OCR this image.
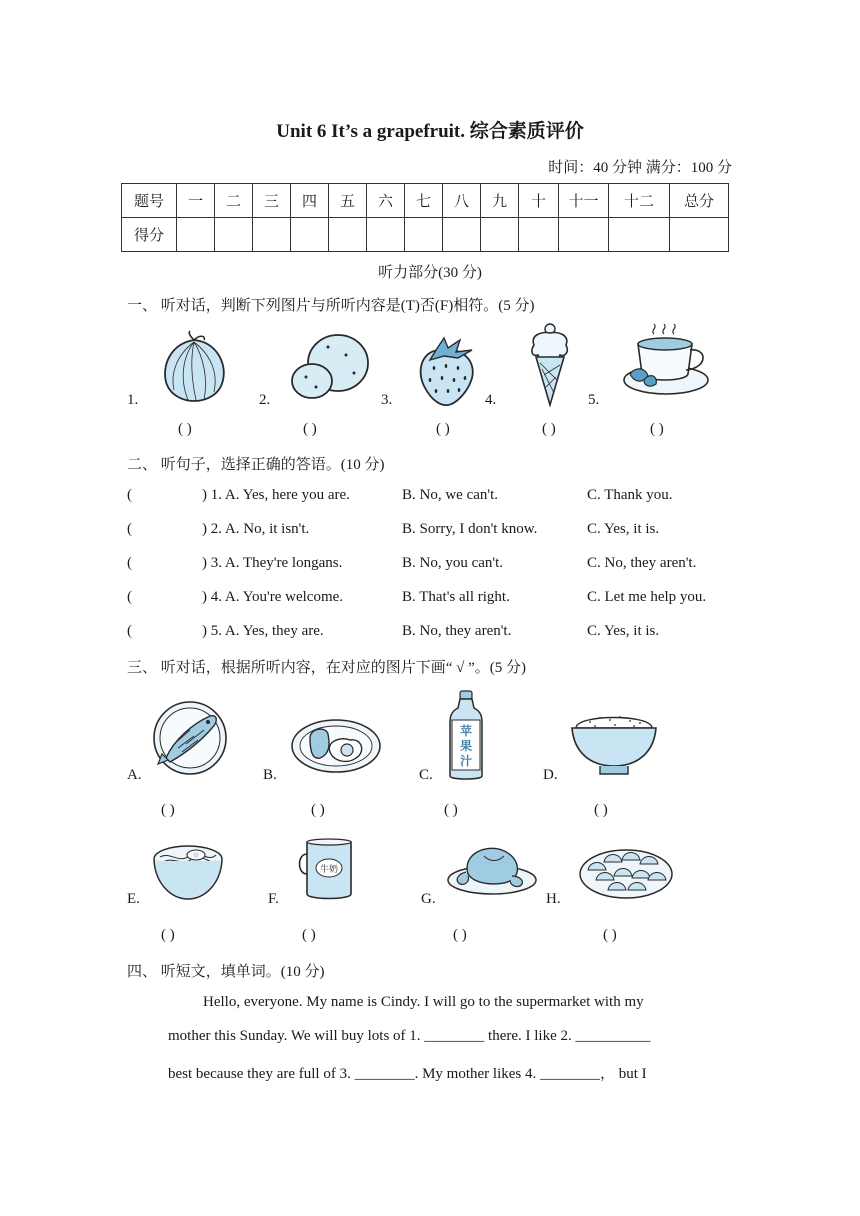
Unit 6 It’s a grapefruit. 综合素质评价
时间：40 分钟 满分：100 分
题号	一	二	三	四	五	六	七	八	九	十	十一	十二	总分
得分													
听力部分(30 分)
一、 听对话，判断下列图片与所听内容是(T)否(F)相符。(5 分)
1.	2.	3.	4.	5.
( )	( )	( )	( )	( )
二、 听句子，选择正确的答语。(10 分)
(	) 1. A. Yes, here you are.	B. No, we can't.	C. Thank you.
(	) 2. A. No, it isn't.	B. Sorry, I don't know.	C. Yes, it is.
(	) 3. A. They're longans.	B. No, you can't.	C. No, they aren't.
(	) 4. A. You're welcome.	B. That's all right.	C. Let me help you.
(	) 5. A. Yes, they are.	B. No, they aren't.	C. Yes, it is.
三、 听对话，根据所听内容，在对应的图片下画“ √ ”。(5 分)
A.	B.	C.
苹
果
汁
D.
( )	( )	( )	( )
E.	F.
牛奶
G.	H.
( )	( )	( )	( )
四、 听短文，填单词。(10 分)
Hello, everyone. My name is Cindy. I will go to the supermarket with my
mother this Sunday. We will buy lots of 1. ________ there. I like 2. __________
best because they are full of 3. ________. My mother likes 4. ________， but I
